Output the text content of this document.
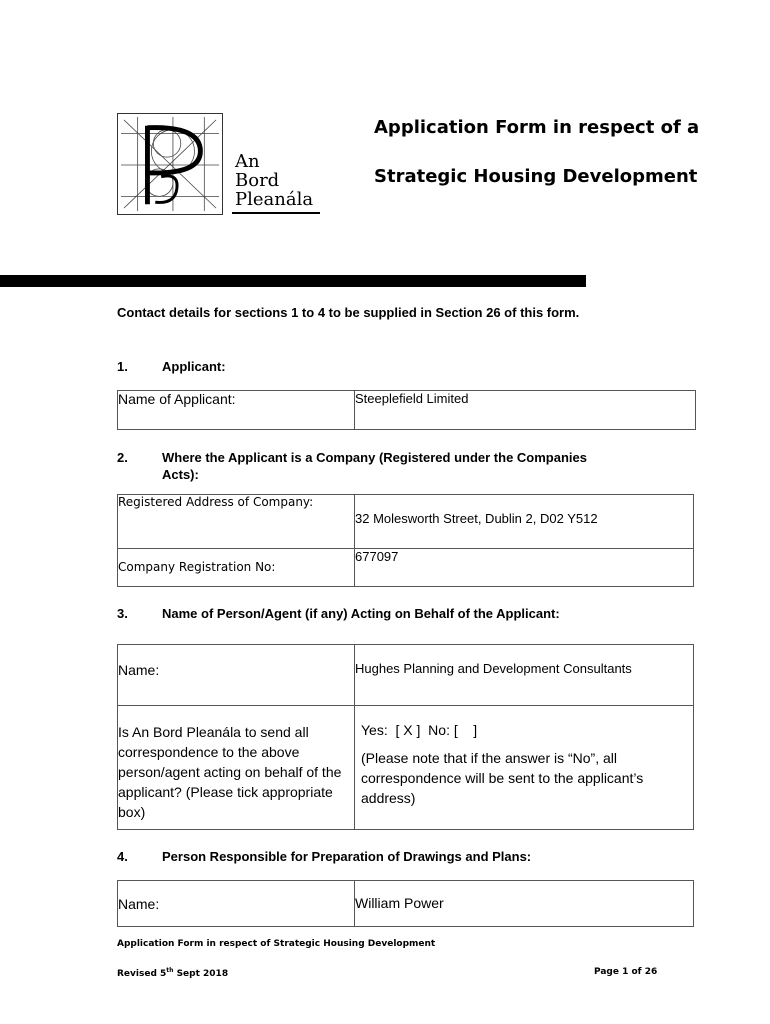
An
Bord
Pleanála
Application Form in respect of a
Strategic Housing Development
Contact details for sections 1 to 4 to be supplied in Section 26 of this form.
1.	Applicant:
Name of Applicant:	Steeplefield Limited
2.	Where the Applicant is a Company (Registered under the Companies Acts):
Registered Address of Company:	32 Molesworth Street, Dublin 2, D02 Y512
Company Registration No:	677097
3.	Name of Person/Agent (if any) Acting on Behalf of the Applicant:
Name:	Hughes Planning and Development Consultants
Is An Bord Pleanála to send all correspondence to the above person/agent acting on behalf of the applicant? (Please tick appropriate box)	Yes:  [ X ]  No: [    ]
(Please note that if the answer is “No”, all correspondence will be sent to the applicant’s address)
4.	Person Responsible for Preparation of Drawings and Plans:
Name:	William Power
Application Form in respect of Strategic Housing Development
Revised 5th Sept 2018	Page 1 of 26
